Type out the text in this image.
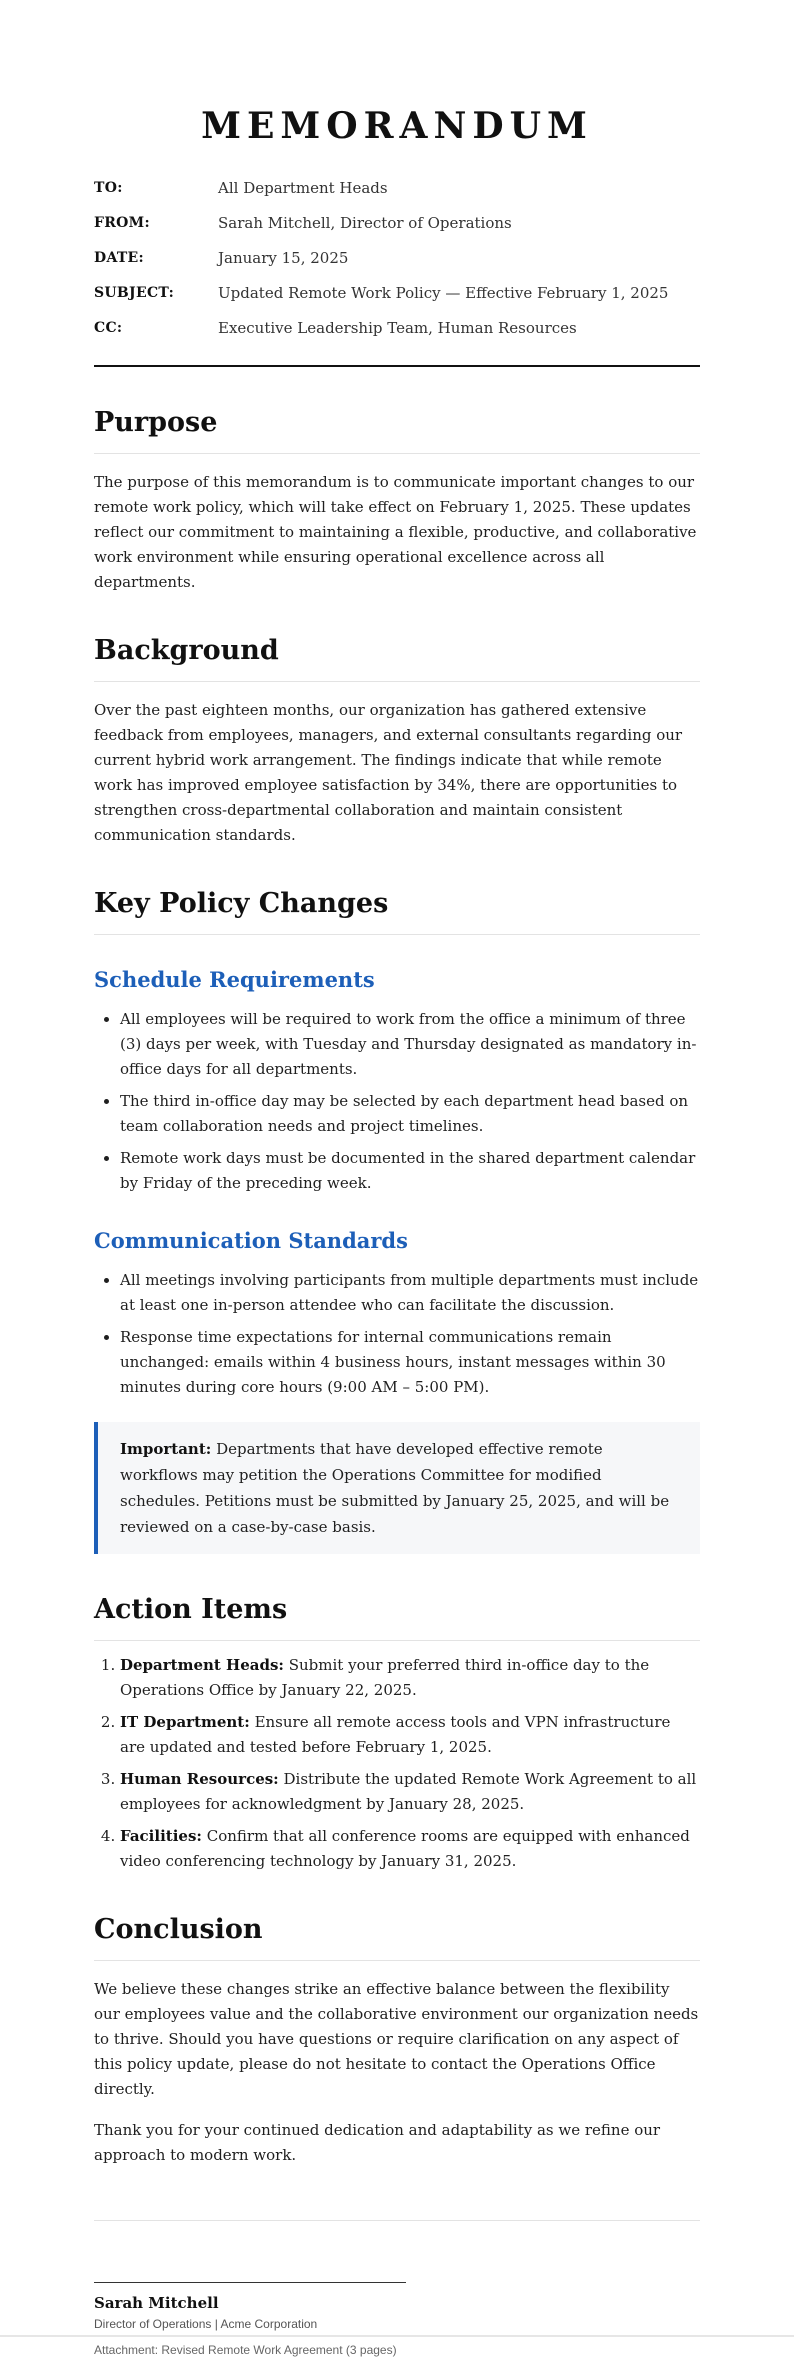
MEMORANDUM
TO:	All Department Heads
FROM:	Sarah Mitchell, Director of Operations
DATE:	January 15, 2025
SUBJECT:	Updated Remote Work Policy — Effective February 1, 2025
CC:	Executive Leadership Team, Human Resources
Purpose

The purpose of this memorandum is to communicate important changes to our remote work policy, which will take effect on February 1, 2025. These updates reflect our commitment to maintaining a flexible, productive, and collaborative work environment while ensuring operational excellence across all departments.

Background

Over the past eighteen months, our organization has gathered extensive feedback from employees, managers, and external consultants regarding our current hybrid work arrangement. The findings indicate that while remote work has improved employee satisfaction by 34%, there are opportunities to strengthen cross-departmental collaboration and maintain consistent communication standards.

Key Policy Changes
Schedule Requirements
• All employees will be required to work from the office a minimum of three (3) days per week, with Tuesday and Thursday designated as mandatory in-office days for all departments.
• The third in-office day may be selected by each department head based on team collaboration needs and project timelines.
• Remote work days must be documented in the shared department calendar by Friday of the preceding week.
Communication Standards
• All meetings involving participants from multiple departments must include at least one in-person attendee who can facilitate the discussion.
• Response time expectations for internal communications remain unchanged: emails within 4 business hours, instant messages within 30 minutes during core hours (9:00 AM – 5:00 PM).
Important: Departments that have developed effective remote workflows may petition the Operations Committee for modified schedules. Petitions must be submitted by January 25, 2025, and will be reviewed on a case-by-case basis.
Action Items
1. Department Heads: Submit your preferred third in-office day to the Operations Office by January 22, 2025.
2. IT Department: Ensure all remote access tools and VPN infrastructure are updated and tested before February 1, 2025.
3. Human Resources: Distribute the updated Remote Work Agreement to all employees for acknowledgment by January 28, 2025.
4. Facilities: Confirm that all conference rooms are equipped with enhanced video conferencing technology by January 31, 2025.
Conclusion

We believe these changes strike an effective balance between the flexibility our employees value and the collaborative environment our organization needs to thrive. Should you have questions or require clarification on any aspect of this policy update, please do not hesitate to contact the Operations Office directly.

Thank you for your continued dedication and adaptability as we refine our approach to modern work.

Sarah Mitchell
Director of Operations | Acme Corporation
Attachment: Revised Remote Work Agreement (3 pages)
